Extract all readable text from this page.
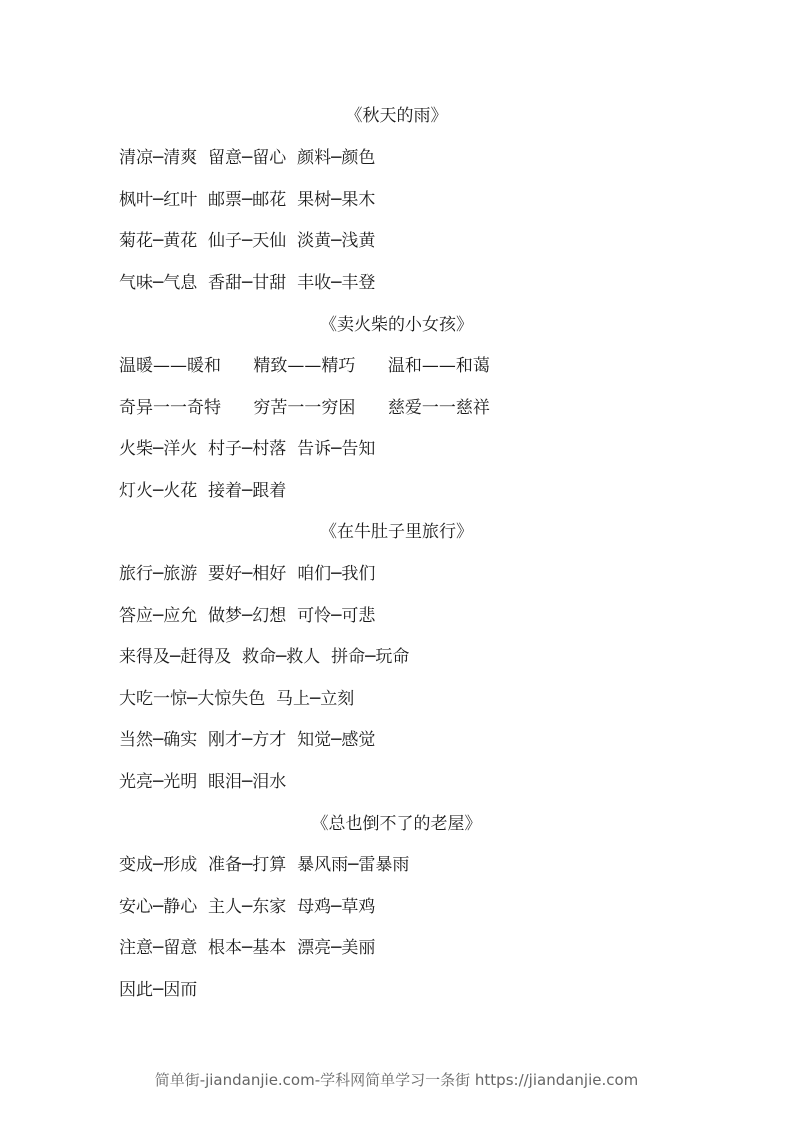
《秋天的雨》
清凉─清爽  留意─留心  颜料─颜色
枫叶─红叶  邮票─邮花  果树─果木
菊花─黄花  仙子─天仙  淡黄─浅黄
气味─气息  香甜─甘甜  丰收─丰登
《卖火柴的小女孩》
温暖——暖和      精致——精巧      温和——和蔼
奇异一一奇特      穷苦一一穷困      慈爱一一慈祥
火柴─洋火  村子─村落  告诉─告知
灯火─火花  接着─跟着
《在牛肚子里旅行》
旅行─旅游  要好─相好  咱们─我们
答应─应允  做梦─幻想  可怜─可悲
来得及─赶得及  救命─救人  拼命─玩命
大吃一惊─大惊失色  马上─立刻
当然─确实  刚才─方才  知觉─感觉
光亮─光明  眼泪─泪水
《总也倒不了的老屋》
变成─形成  准备─打算  暴风雨─雷暴雨
安心─静心  主人─东家  母鸡─草鸡
注意─留意  根本─基本  漂亮─美丽
因此─因而
简单街-jiandanjie.com-学科网简单学习一条街 https://jiandanjie.com
